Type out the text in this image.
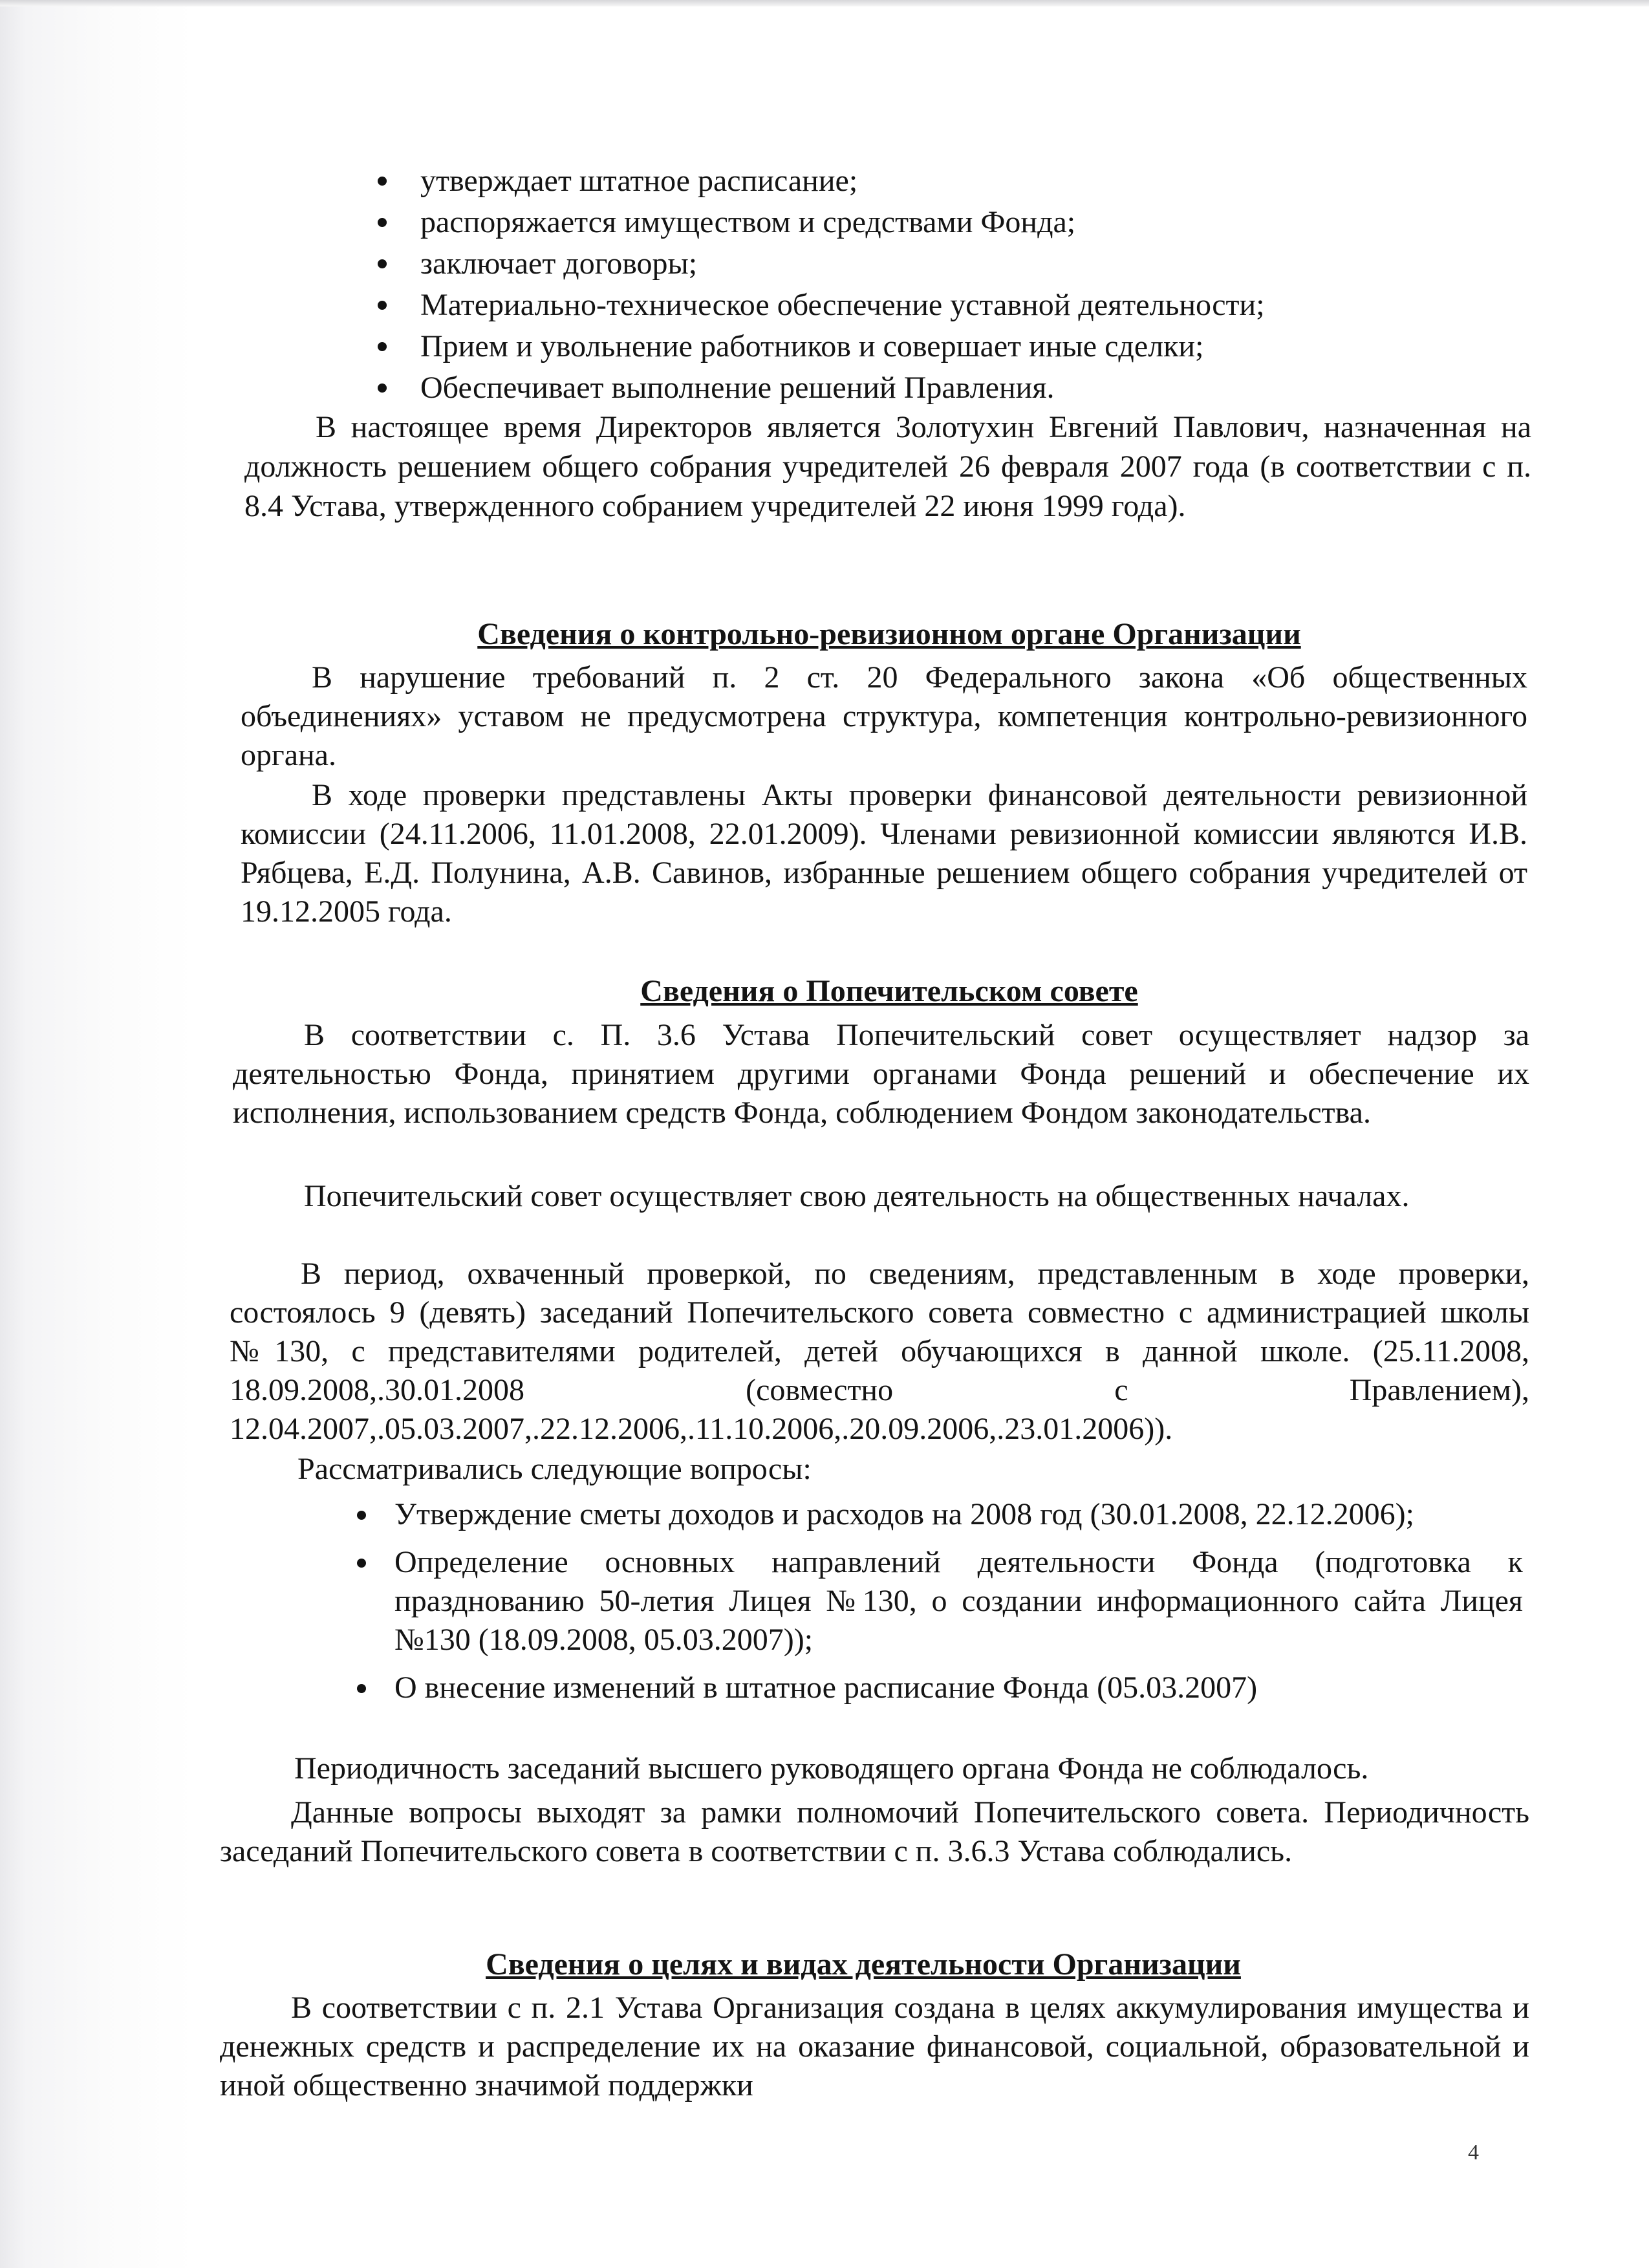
утверждает штатное расписание;
распоряжается имуществом и средствами Фонда;
заключает договоры;
Материально-техническое обеспечение уставной деятельности;
Прием и увольнение работников и совершает иные сделки;
Обеспечивает выполнение решений Правления.

В настоящее время Директоров является Золотухин Евгений Павлович, назначенная на должность решением общего собрания учредителей 26 февраля 2007 года (в соответствии с п. 8.4 Устава, утвержденного собранием учредителей 22 июня 1999 года).

Сведения о контрольно-ревизионном органе Организации

В нарушение требований п. 2 ст. 20 Федерального закона «Об общественных объединениях» уставом не предусмотрена структура, компетенция контрольно-ревизионного органа.

В ходе проверки представлены Акты проверки финансовой деятельности ревизионной комиссии (24.11.2006, 11.01.2008, 22.01.2009). Членами ревизионной комиссии являются И.В. Рябцева, Е.Д. Полунина, А.В. Савинов, избранные решением общего собрания учредителей от 19.12.2005 года.

Сведения о Попечительском совете

В соответствии с. П. 3.6 Устава Попечительский совет осуществляет надзор за деятельностью Фонда, принятием другими органами Фонда решений и обеспечение их исполнения, использованием средств Фонда, соблюдением Фондом законодательства.

Попечительский совет осуществляет свою деятельность на общественных началах.

В период, охваченный проверкой, по сведениям, представленным в ходе проверки, состоялось 9 (девять) заседаний Попечительского совета совместно с администрацией школы №130, с представителями родителей, детей обучающихся в данной школе. (25.11.2008, 18.09.2008,.30.01.2008 (совместно с Правлением), 12.04.2007,.05.03.2007,.22.12.2006,.11.10.2006,.20.09.2006,.23.01.2006)).

Рассматривались следующие вопросы:

Утверждение сметы доходов и расходов на 2008 год (30.01.2008, 22.12.2006);
Определение основных направлений деятельности Фонда (подготовка к празднованию 50-летия Лицея №130, о создании информационного сайта Лицея №130 (18.09.2008, 05.03.2007));
О внесение изменений в штатное расписание Фонда (05.03.2007)

Периодичность заседаний высшего руководящего органа Фонда не соблюдалось.

Данные вопросы выходят за рамки полномочий Попечительского совета. Периодичность заседаний Попечительского совета в соответствии с п. 3.6.3 Устава соблюдались.

Сведения о целях и видах деятельности Организации

В соответствии с п. 2.1 Устава Организация создана в целях аккумулирования имущества и денежных средств и распределение их на оказание финансовой, социальной, образовательной и иной общественно значимой поддержки

4
